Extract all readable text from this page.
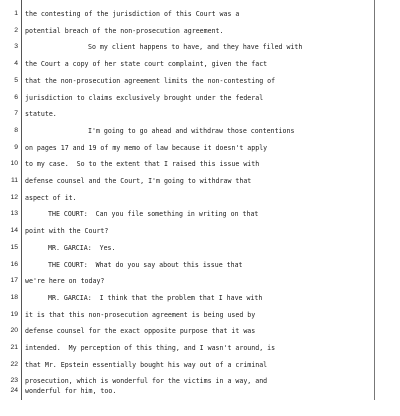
1

the contesting of the jurisdiction of this Court was a

2

potential breach of the non-prosecution agreement.

3

	So my client happens to have, and they have filed with

4

the Court a copy of her state court complaint, given the fact

5

that the non-prosecution agreement limits the non-contesting of

6

jurisdiction to claims exclusively brought under the federal

7

statute.

8

	I'm going to go ahead and withdraw those contentions

9

on pages 17 and 19 of my memo of law because it doesn't apply

10

to my case.  So to the extent that I raised this issue with

11

defense counsel and the Court, I'm going to withdraw that

12

aspect of it.

13

	THE COURT:  Can you file something in writing on that

14

point with the Court?

15

	MR. GARCIA:  Yes.

16

	THE COURT:  What do you say about this issue that

17

we're here on today?

18

	MR. GARCIA:  I think that the problem that I have with

19

it is that this non-prosecution agreement is being used by

20

defense counsel for the exact opposite purpose that it was

21

intended.  My perception of this thing, and I wasn't around, is

22

that Mr. Epstein essentially bought his way out of a criminal

23

prosecution, which is wonderful for the victims in a way, and

24

wonderful for him, too.
